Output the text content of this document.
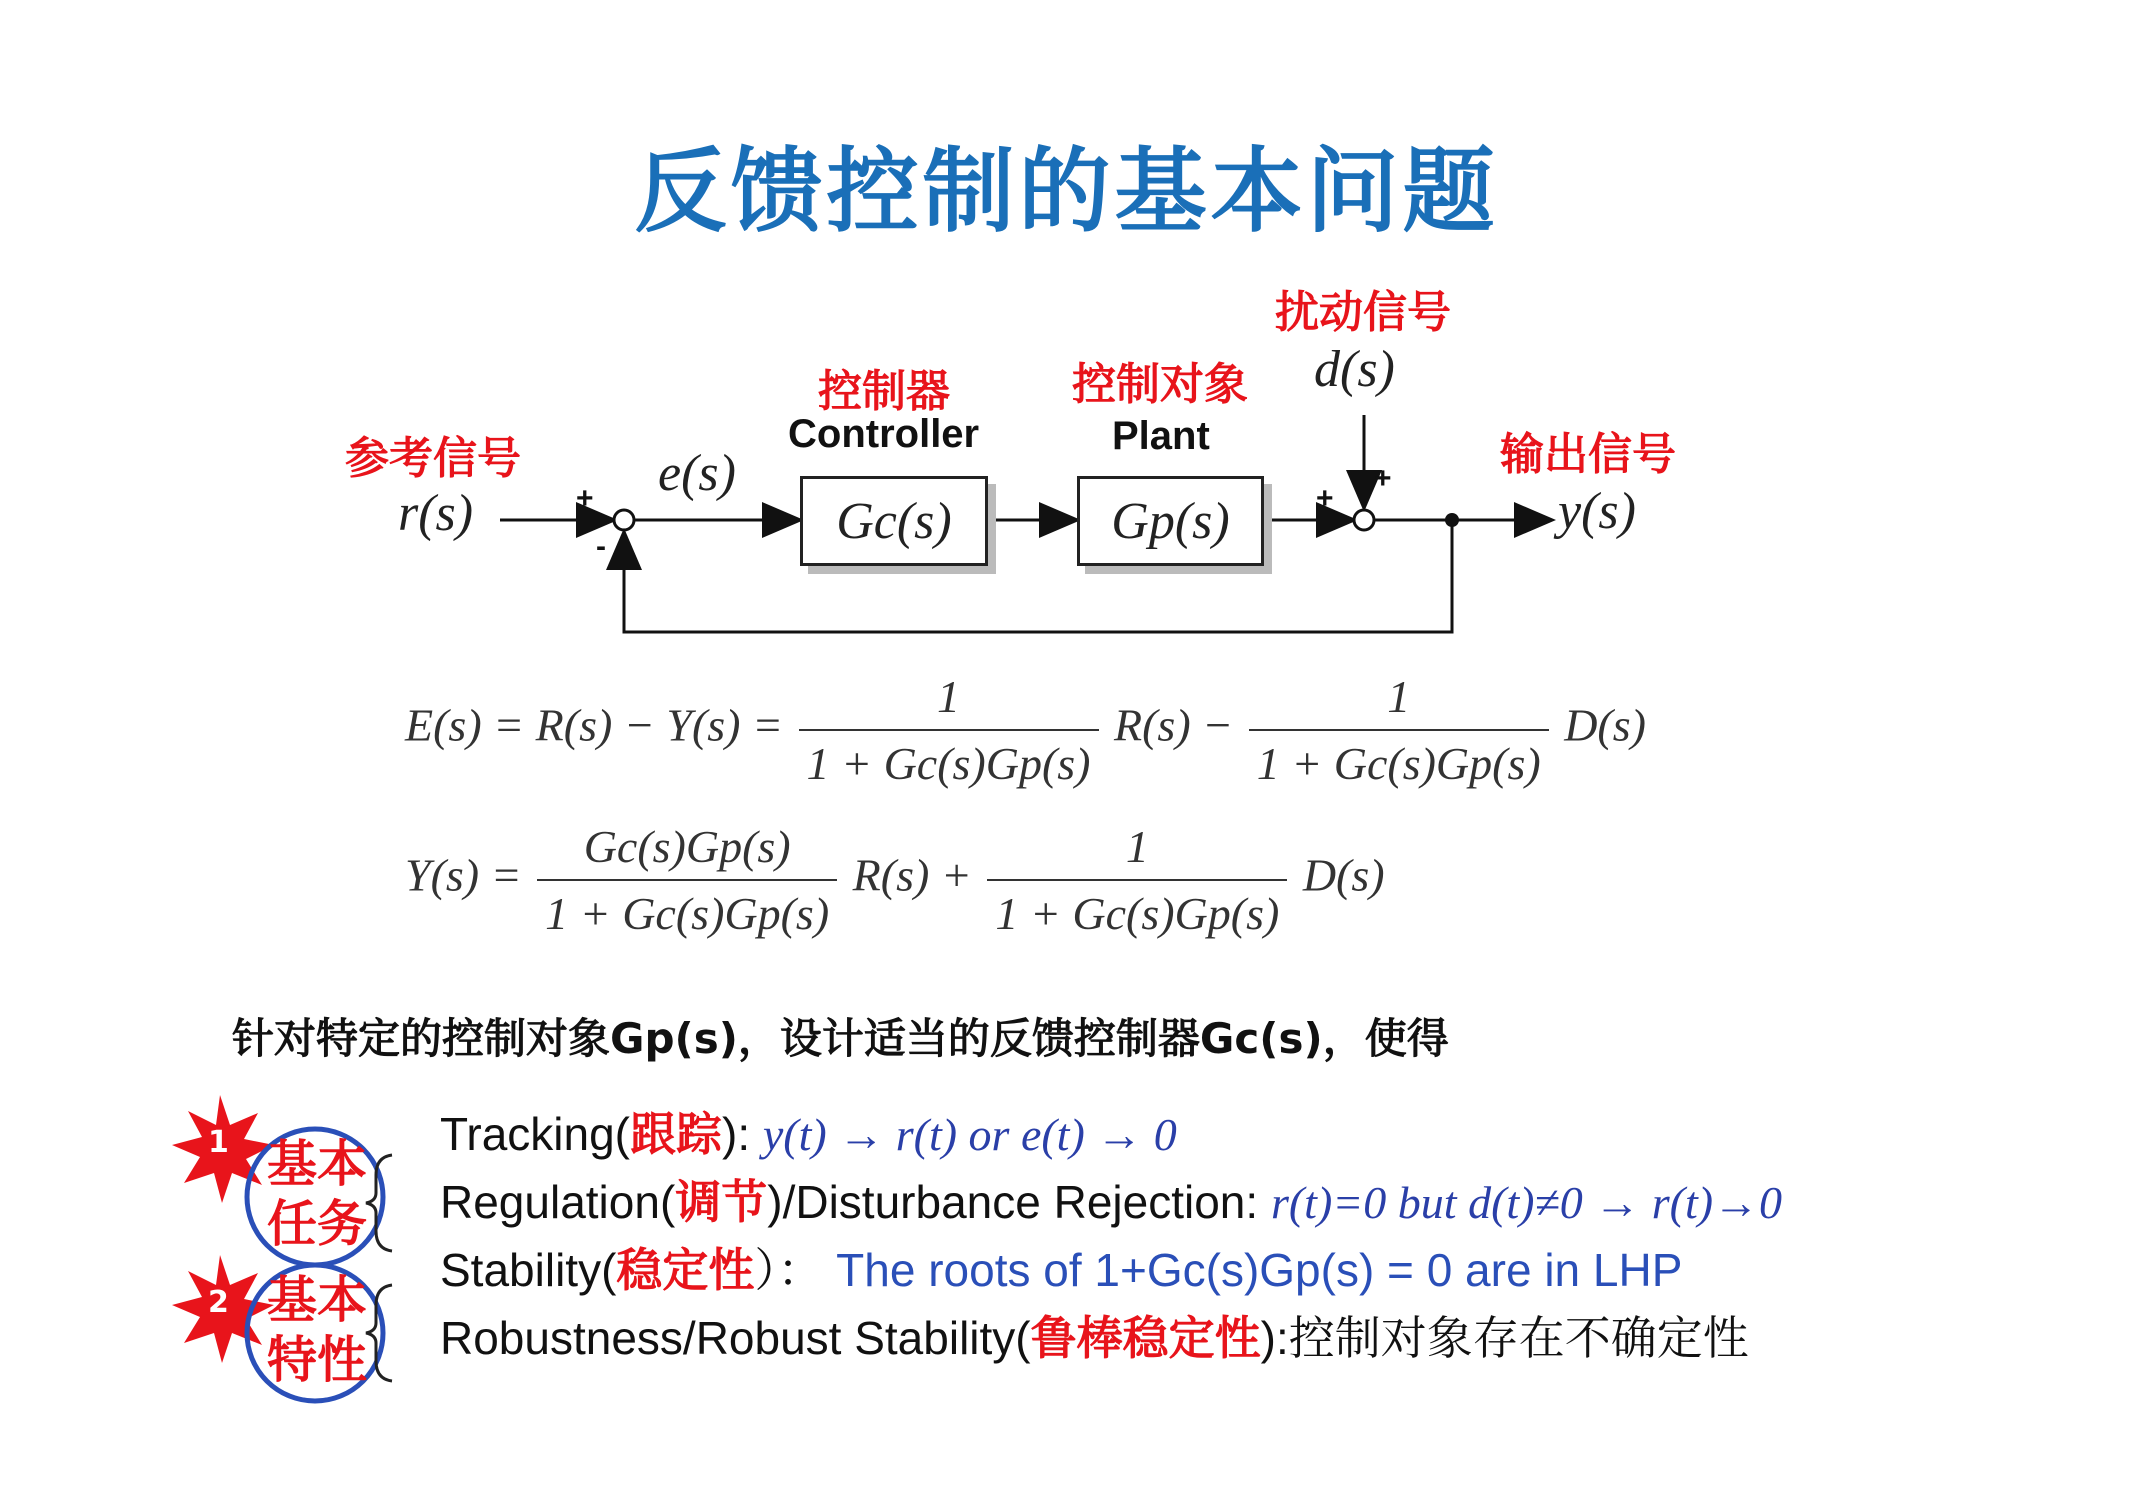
反馈控制的基本问题
参考信号
r(s)	+
-
e(s)
控制器
Controller
Gc(s)
控制对象
Plant
Gp(s)
扰动信号
d(s)
+
+ 输出信号
y(s)
$E(s) = R(s) - Y(s) = \frac{1}{1 + Gc(s)Gp(s)} R(s) - \frac{1}{1 + Gc(s)Gp(s)} D(s)$
$Y(s) = \frac{Gc(s)Gp(s)}{1 + Gc(s)Gp(s)} R(s) + \frac{1}{1 + Gc(s)Gp(s)} D(s)$
针对特定的控制对象Gp(s)，设计适当的反馈控制器Gc(s)，使得
1 基本
任务
2 基本
特性
Tracking(跟踪): y(t) → r(t) or e(t) → 0
Regulation(调节)/Disturbance Rejection: r(t)=0 but d(t)≠0 → r(t)→0
Stability(稳定性）： The roots of 1+Gc(s)Gp(s) = 0 are in LHP
Robustness/Robust Stability(鲁棒稳定性):控制对象存在不确定性
